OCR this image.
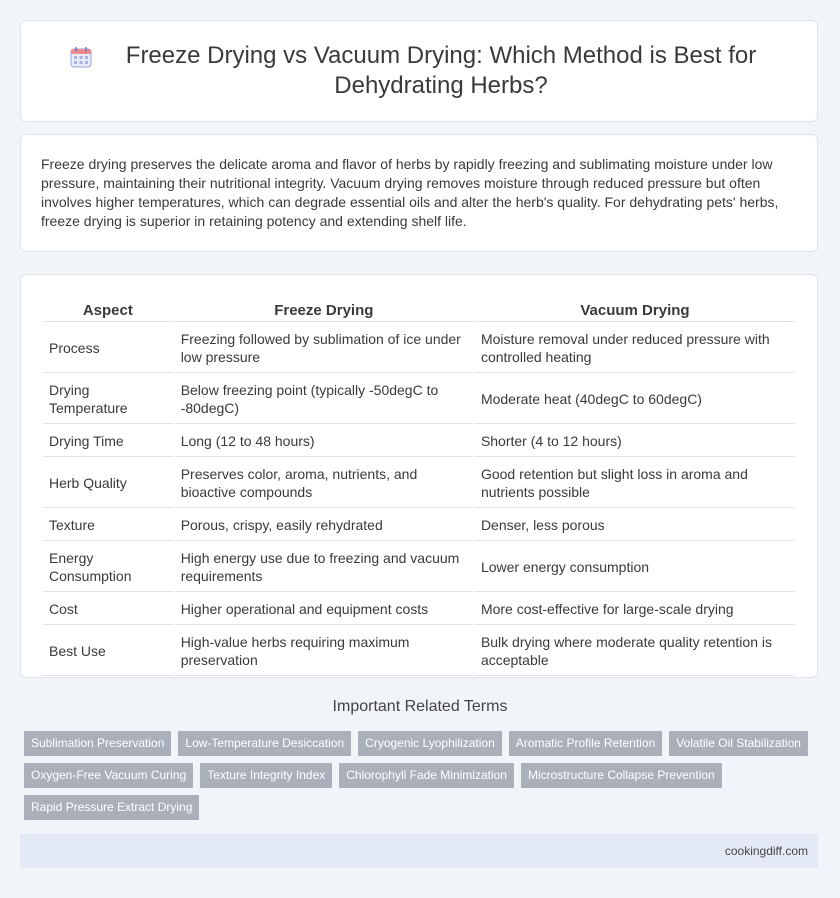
Freeze Drying vs Vacuum Drying: Which Method is Best for Dehydrating Herbs?

Freeze drying preserves the delicate aroma and flavor of herbs by rapidly freezing and sublimating moisture under low pressure, maintaining their nutritional integrity. Vacuum drying removes moisture through reduced pressure but often involves higher temperatures, which can degrade essential oils and alter the herb's quality. For dehydrating pets' herbs, freeze drying is superior in retaining potency and extending shelf life.

Aspect	Freeze Drying	Vacuum Drying
Process	Freezing followed by sublimation of ice under low pressure	Moisture removal under reduced pressure with controlled heating
Drying Temperature	Below freezing point (typically -50degC to -80degC)	Moderate heat (40degC to 60degC)
Drying Time	Long (12 to 48 hours)	Shorter (4 to 12 hours)
Herb Quality	Preserves color, aroma, nutrients, and bioactive compounds	Good retention but slight loss in aroma and nutrients possible
Texture	Porous, crispy, easily rehydrated	Denser, less porous
Energy Consumption	High energy use due to freezing and vacuum requirements	Lower energy consumption
Cost	Higher operational and equipment costs	More cost-effective for large-scale drying
Best Use	High-value herbs requiring maximum preservation	Bulk drying where moderate quality retention is acceptable
Important Related Terms
Sublimation Preservation	Low-Temperature Desiccation	Cryogenic Lyophilization	Aromatic Profile Retention	Volatile Oil Stabilization
Oxygen-Free Vacuum Curing	Texture Integrity Index	Chlorophyll Fade Minimization	Microstructure Collapse Prevention
Rapid Pressure Extract Drying
cookingdiff.com
